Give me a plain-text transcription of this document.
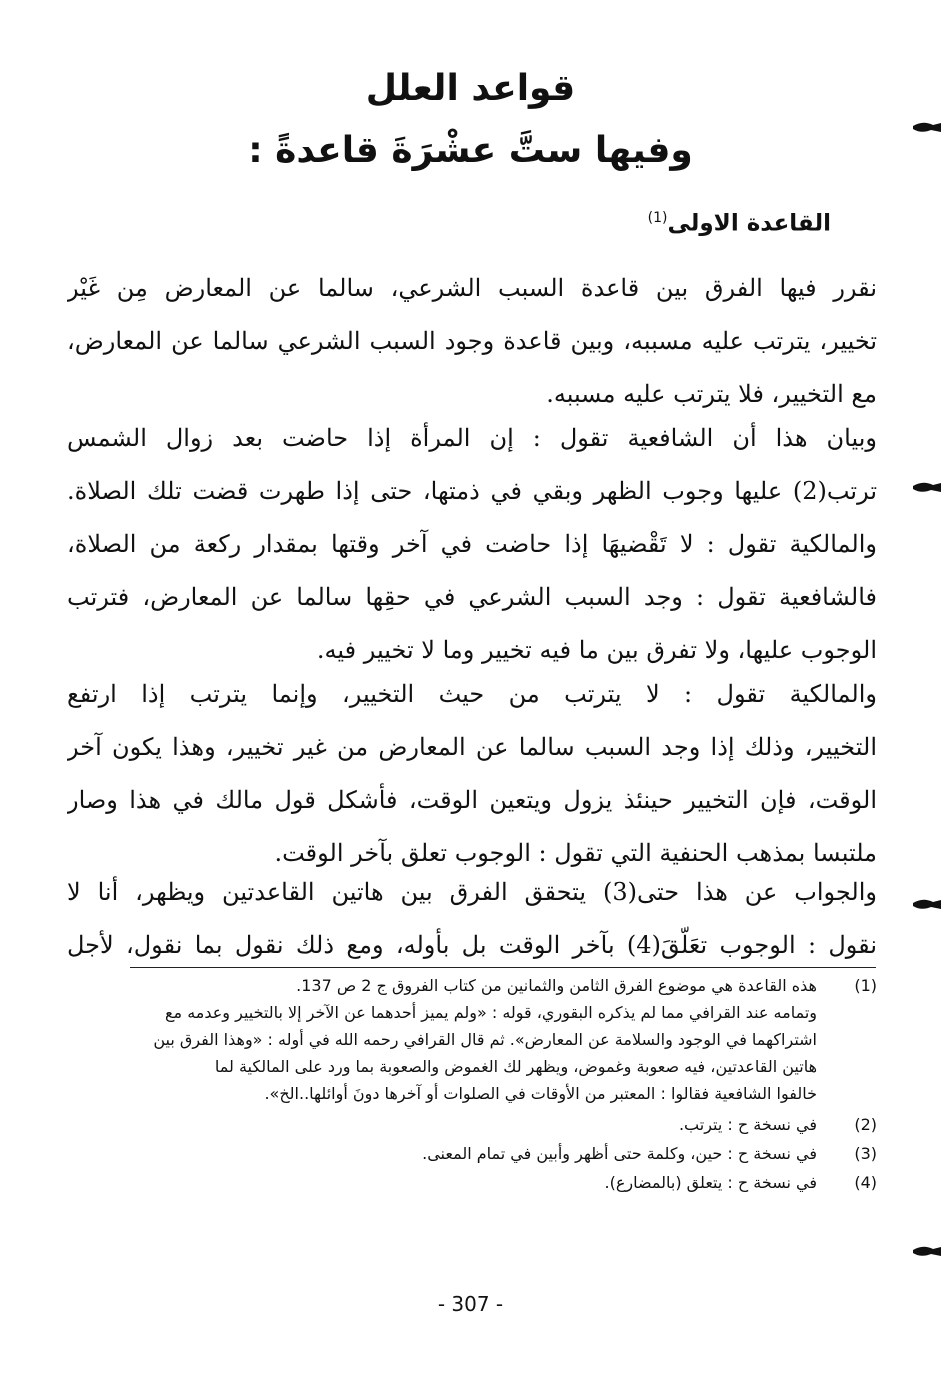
قواعد العلل
وفيها ستَّ عشْرَةَ قاعدةً :
القاعدة الاولى$^{(1)}$
نقرر فيها الفرق بين قاعدة السبب الشرعي، سالما عن المعارض مِن غَيْر
تخيير، يترتب عليه مسببه، وبين قاعدة وجود السبب الشرعي سالما عن المعارض،
مع التخيير، فلا يترتب عليه مسببه.
وبيان هذا أن الشافعية تقول : إن المرأة إذا حاضت بعد زوال الشمس
ترتب(2) عليها وجوب الظهر وبقي في ذمتها، حتى إذا طهرت قضت تلك الصلاة.
والمالكية تقول : لا تَقْضيهَا إذا حاضت في آخر وقتها بمقدار ركعة من الصلاة،
فالشافعية تقول : وجد السبب الشرعي في حقِها سالما عن المعارض، فترتب
الوجوب عليها، ولا تفرق بين ما فيه تخيير وما لا تخيير فيه.
والمالكية تقول : لا يترتب من حيث التخيير، وإنما يترتب إذا ارتفع
التخيير، وذلك إذا وجد السبب سالما عن المعارض من غير تخيير، وهذا يكون آخر
الوقت، فإن التخيير حينئذ يزول ويتعين الوقت، فأشكل قول مالك في هذا وصار
ملتبسا بمذهب الحنفية التي تقول : الوجوب تعلق بآخر الوقت.
والجواب عن هذا حتى(3) يتحقق الفرق بين هاتين القاعدتين ويظهر، أنا لا
نقول : الوجوب تعَلّقَ(4) بآخر الوقت بل بأوله، ومع ذلك نقول بما نقول، لأجل
(1)
هذه القاعدة هي موضوع الفرق الثامن والثمانين من كتاب الفروق ج 2 ص 137.
وتمامه عند القرافي مما لم يذكره البقوري، قوله : «ولم يميز أحدهما عن الآخر إلا بالتخيير وعدمه مع
اشتراكهما في الوجود والسلامة عن المعارض». ثم قال القرافي رحمه الله في أوله : «وهذا الفرق بين
هاتين القاعدتين، فيه صعوبة وغموض، ويظهر لك الغموض والصعوبة بما ورد على المالكية لما
خالفوا الشافعية فقالوا : المعتبر من الأوقات في الصلوات أو آخرها دونَ أوائلها..الخ».
(2)
في نسخة ح : يترتب.
(3)
في نسخة ح : حين، وكلمة حتى أظهر وأبين في تمام المعنى.
(4)
في نسخة ح : يتعلق (بالمضارع).
- 307 -
